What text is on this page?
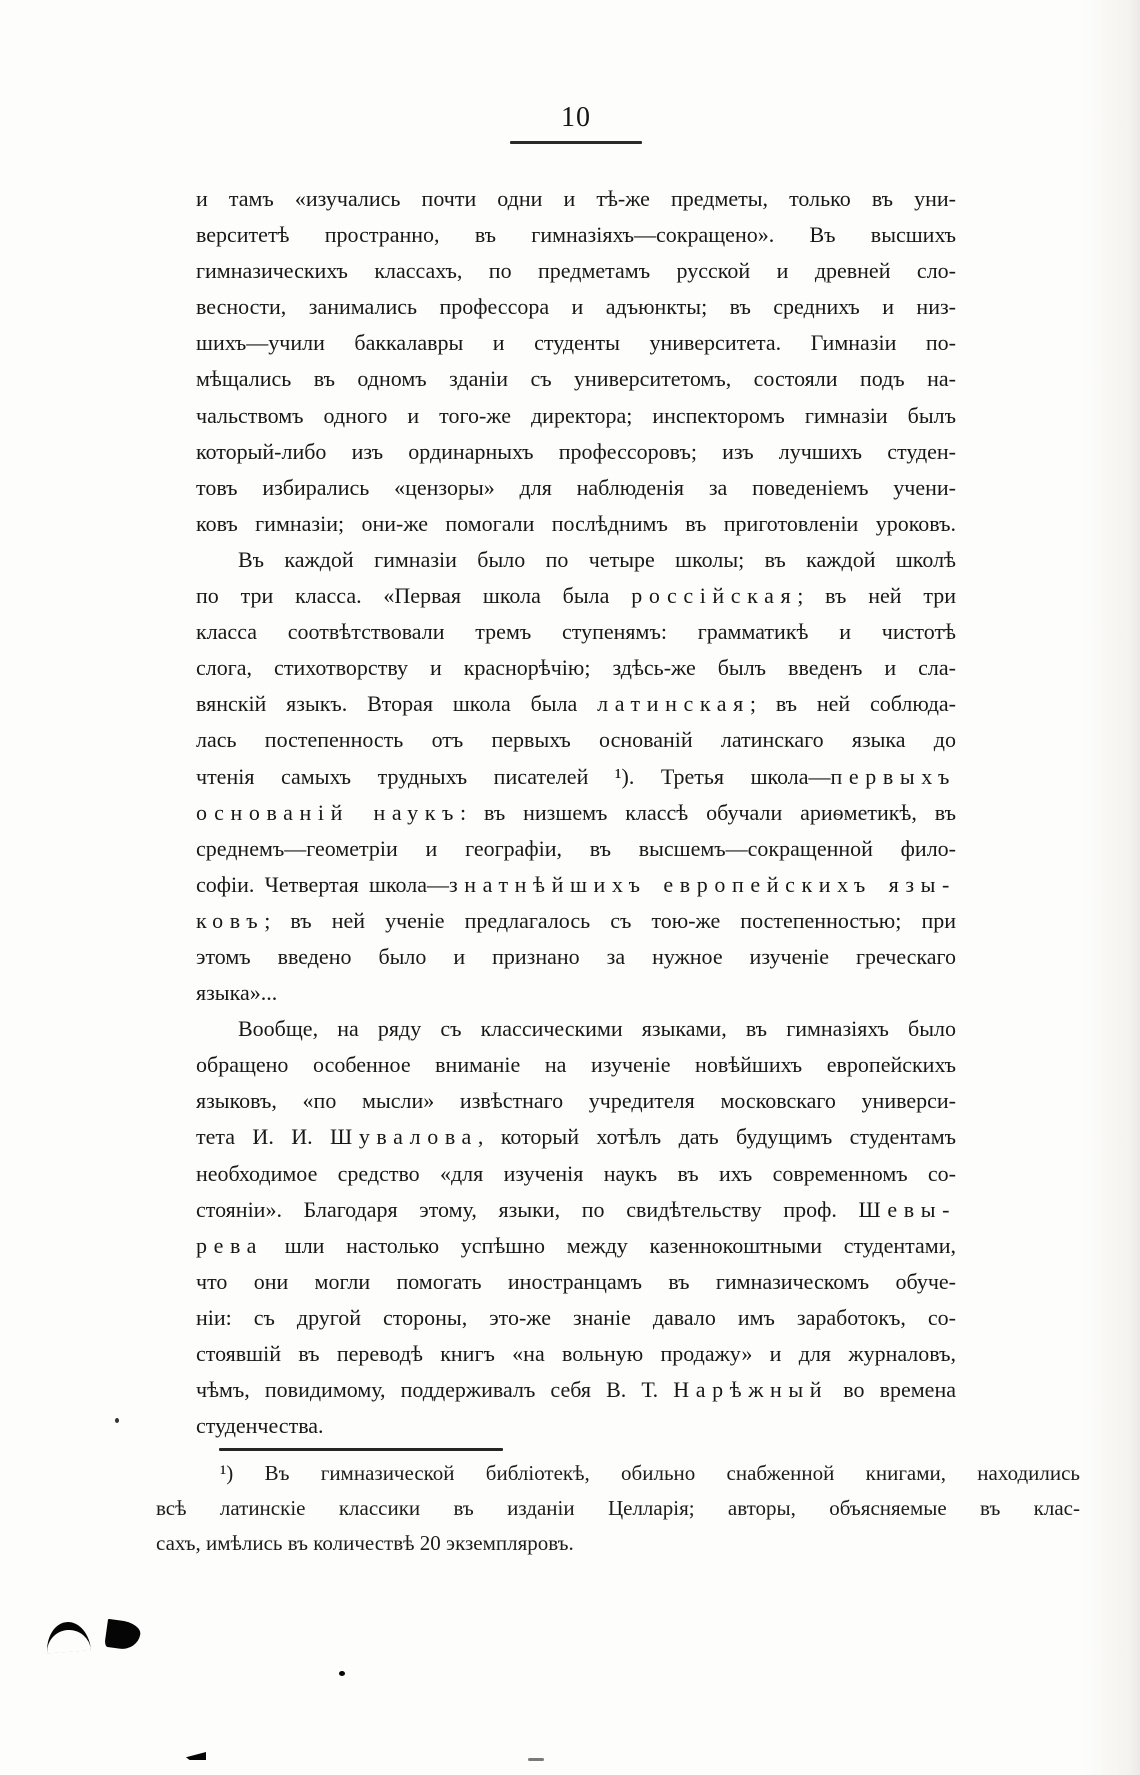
10
и тамъ «изучались почти одни и тѣ-же предметы, только въ уни-
верситетѣ пространно, въ гимназіяхъ—сокращено». Въ высшихъ
гимназическихъ классахъ, по предметамъ русской и древней сло-
весности, занимались профессора и адъюнкты; въ среднихъ и низ-
шихъ—учили баккалавры и студенты университета. Гимназіи по-
мѣщались въ одномъ зданіи съ университетомъ, состояли подъ на-
чальствомъ одного и того-же директора; инспекторомъ гимназіи былъ
который-либо изъ ординарныхъ профессоровъ; изъ лучшихъ студен-
товъ избирались «цензоры» для наблюденія за поведеніемъ учени-
ковъ гимназіи; они-же помогали послѣднимъ въ приготовленіи уроковъ.
Въ каждой гимназіи было по четыре школы; въ каждой школѣ
по три класса. «Первая школа была россійская; въ ней три
класса соотвѣтствовали тремъ ступенямъ: грамматикѣ и чистотѣ
слога, стихотворству и краснорѣчію; здѣсь-же былъ введенъ и сла-
вянскій языкъ. Вторая школа была латинская; въ ней соблюда-
лась постепенность отъ первыхъ основаній латинскаго языка до
чтенія самыхъ трудныхъ писателей ¹). Третья школа—первыхъ
основаній наукъ: въ низшемъ классѣ обучали ариѳметикѣ, въ
среднемъ—геометріи и географіи, въ высшемъ—сокращенной фило-
софіи. Четвертая школа—знатнѣйшихъ европейскихъ язы-
ковъ; въ ней ученіе предлагалось съ тою-же постепенностью; при
этомъ введено было и признано за нужное изученіе греческаго
языка»...
Вообще, на ряду съ классическими языками, въ гимназіяхъ было
обращено особенное вниманіе на изученіе новѣйшихъ европейскихъ
языковъ, «по мысли» извѣстнаго учредителя московскаго универси-
тета И. И. Шувалова, который хотѣлъ дать будущимъ студентамъ
необходимое средство «для изученія наукъ въ ихъ современномъ со-
стояніи». Благодаря этому, языки, по свидѣтельству проф. Шевы-
рева шли настолько успѣшно между казеннокоштными студентами,
что они могли помогать иностранцамъ въ гимназическомъ обуче-
ніи: съ другой стороны, это-же знаніе давало имъ заработокъ, со-
стоявшій въ переводѣ книгъ «на вольную продажу» и для журналовъ,
чѣмъ, повидимому, поддерживалъ себя В. Т. Нарѣжный во времена
студенчества.
¹) Въ гимназической библіотекѣ, обильно снабженной книгами, находились
всѣ латинскіе классики въ изданіи Целларія; авторы, объясняемые въ клас-
сахъ, имѣлись въ количествѣ 20 экземпляровъ.
